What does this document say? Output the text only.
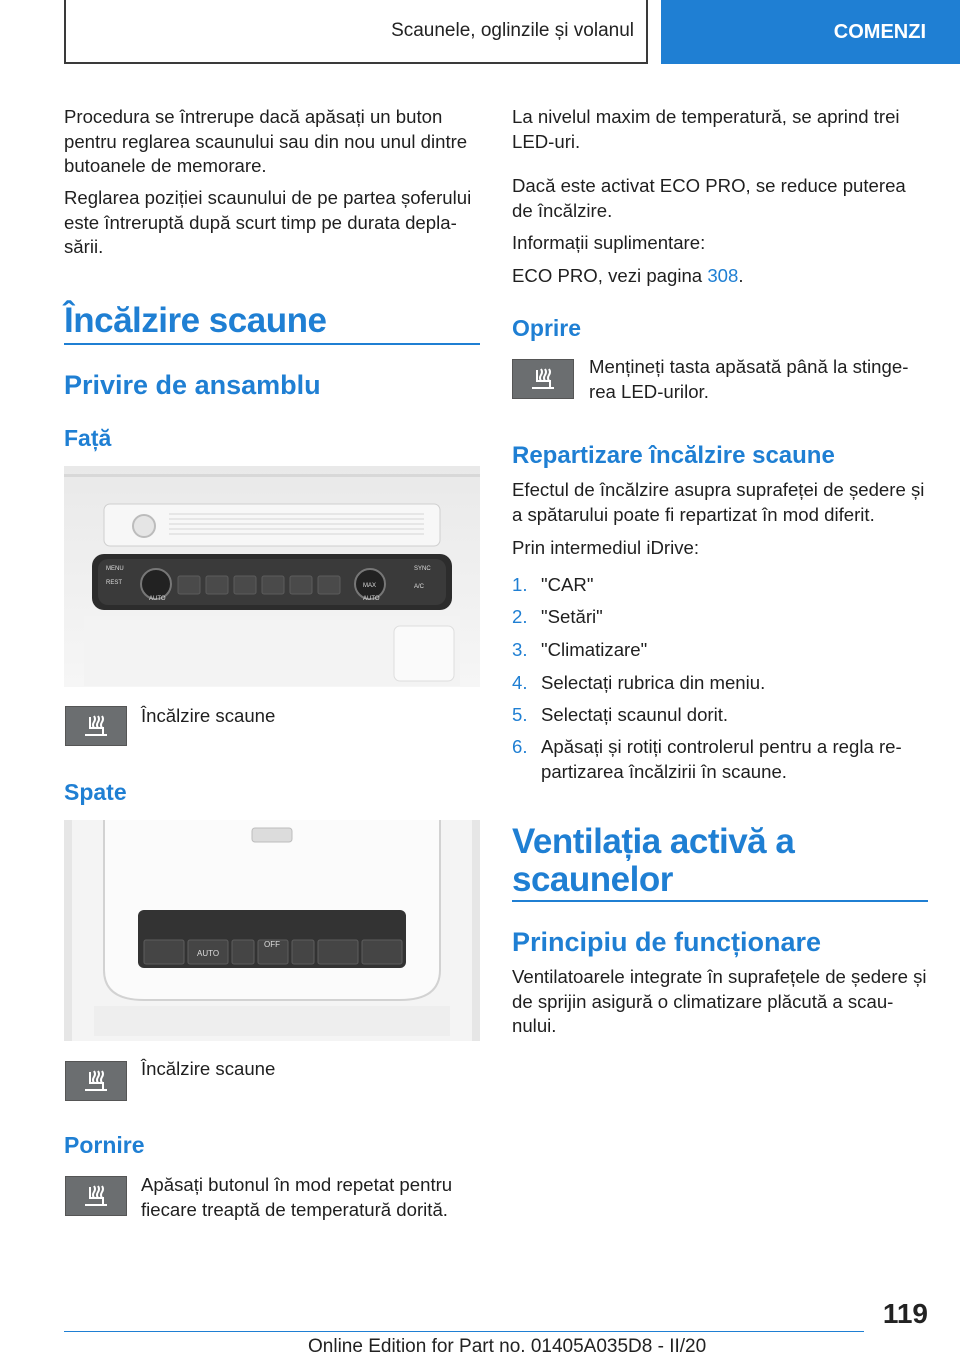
Scaunele, oglinzile și volanul	COMENZI

Procedura se întrerupe dacă apăsați un buton pentru reglarea scaunului sau din nou unul dintre butoanele de memorare.

Reglarea poziției scaunului de pe partea șoferului este întreruptă după scurt timp pe durata depla-sării.

Încălzire scaune
Privire de ansamblu
Față
MENU
REST
AUTO
MAX
AUTO
SYNC
A/C
Încălzire scaune
Spate
AUTO
OFF
Încălzire scaune
Pornire

Apăsați butonul în mod repetat pentru fiecare treaptă de temperatură dorită.

La nivelul maxim de temperatură, se aprind trei LED-uri.

Dacă este activat ECO PRO, se reduce puterea de încălzire.

Informații suplimentare:

ECO PRO, vezi pagina 308.

Oprire

Mențineți tasta apăsată până la stinge-rea LED-urilor.

Repartizare încălzire scaune

Efectul de încălzire asupra suprafeței de ședere și a spătarului poate fi repartizat în mod diferit.

Prin intermediul iDrive:

1. "CAR"
2. "Setări"
3. "Climatizare"
4. Selectați rubrica din meniu.
5. Selectați scaunul dorit.
6. Apăsați și rotiți controlerul pentru a regla re-partizarea încălzirii în scaune.
Ventilația activă a scaunelor
Principiu de funcționare

Ventilatoarele integrate în suprafețele de ședere și de sprijin asigură o climatizare plăcută a scau-nului.

119
Online Edition for Part no. 01405A035D8 - II/20
